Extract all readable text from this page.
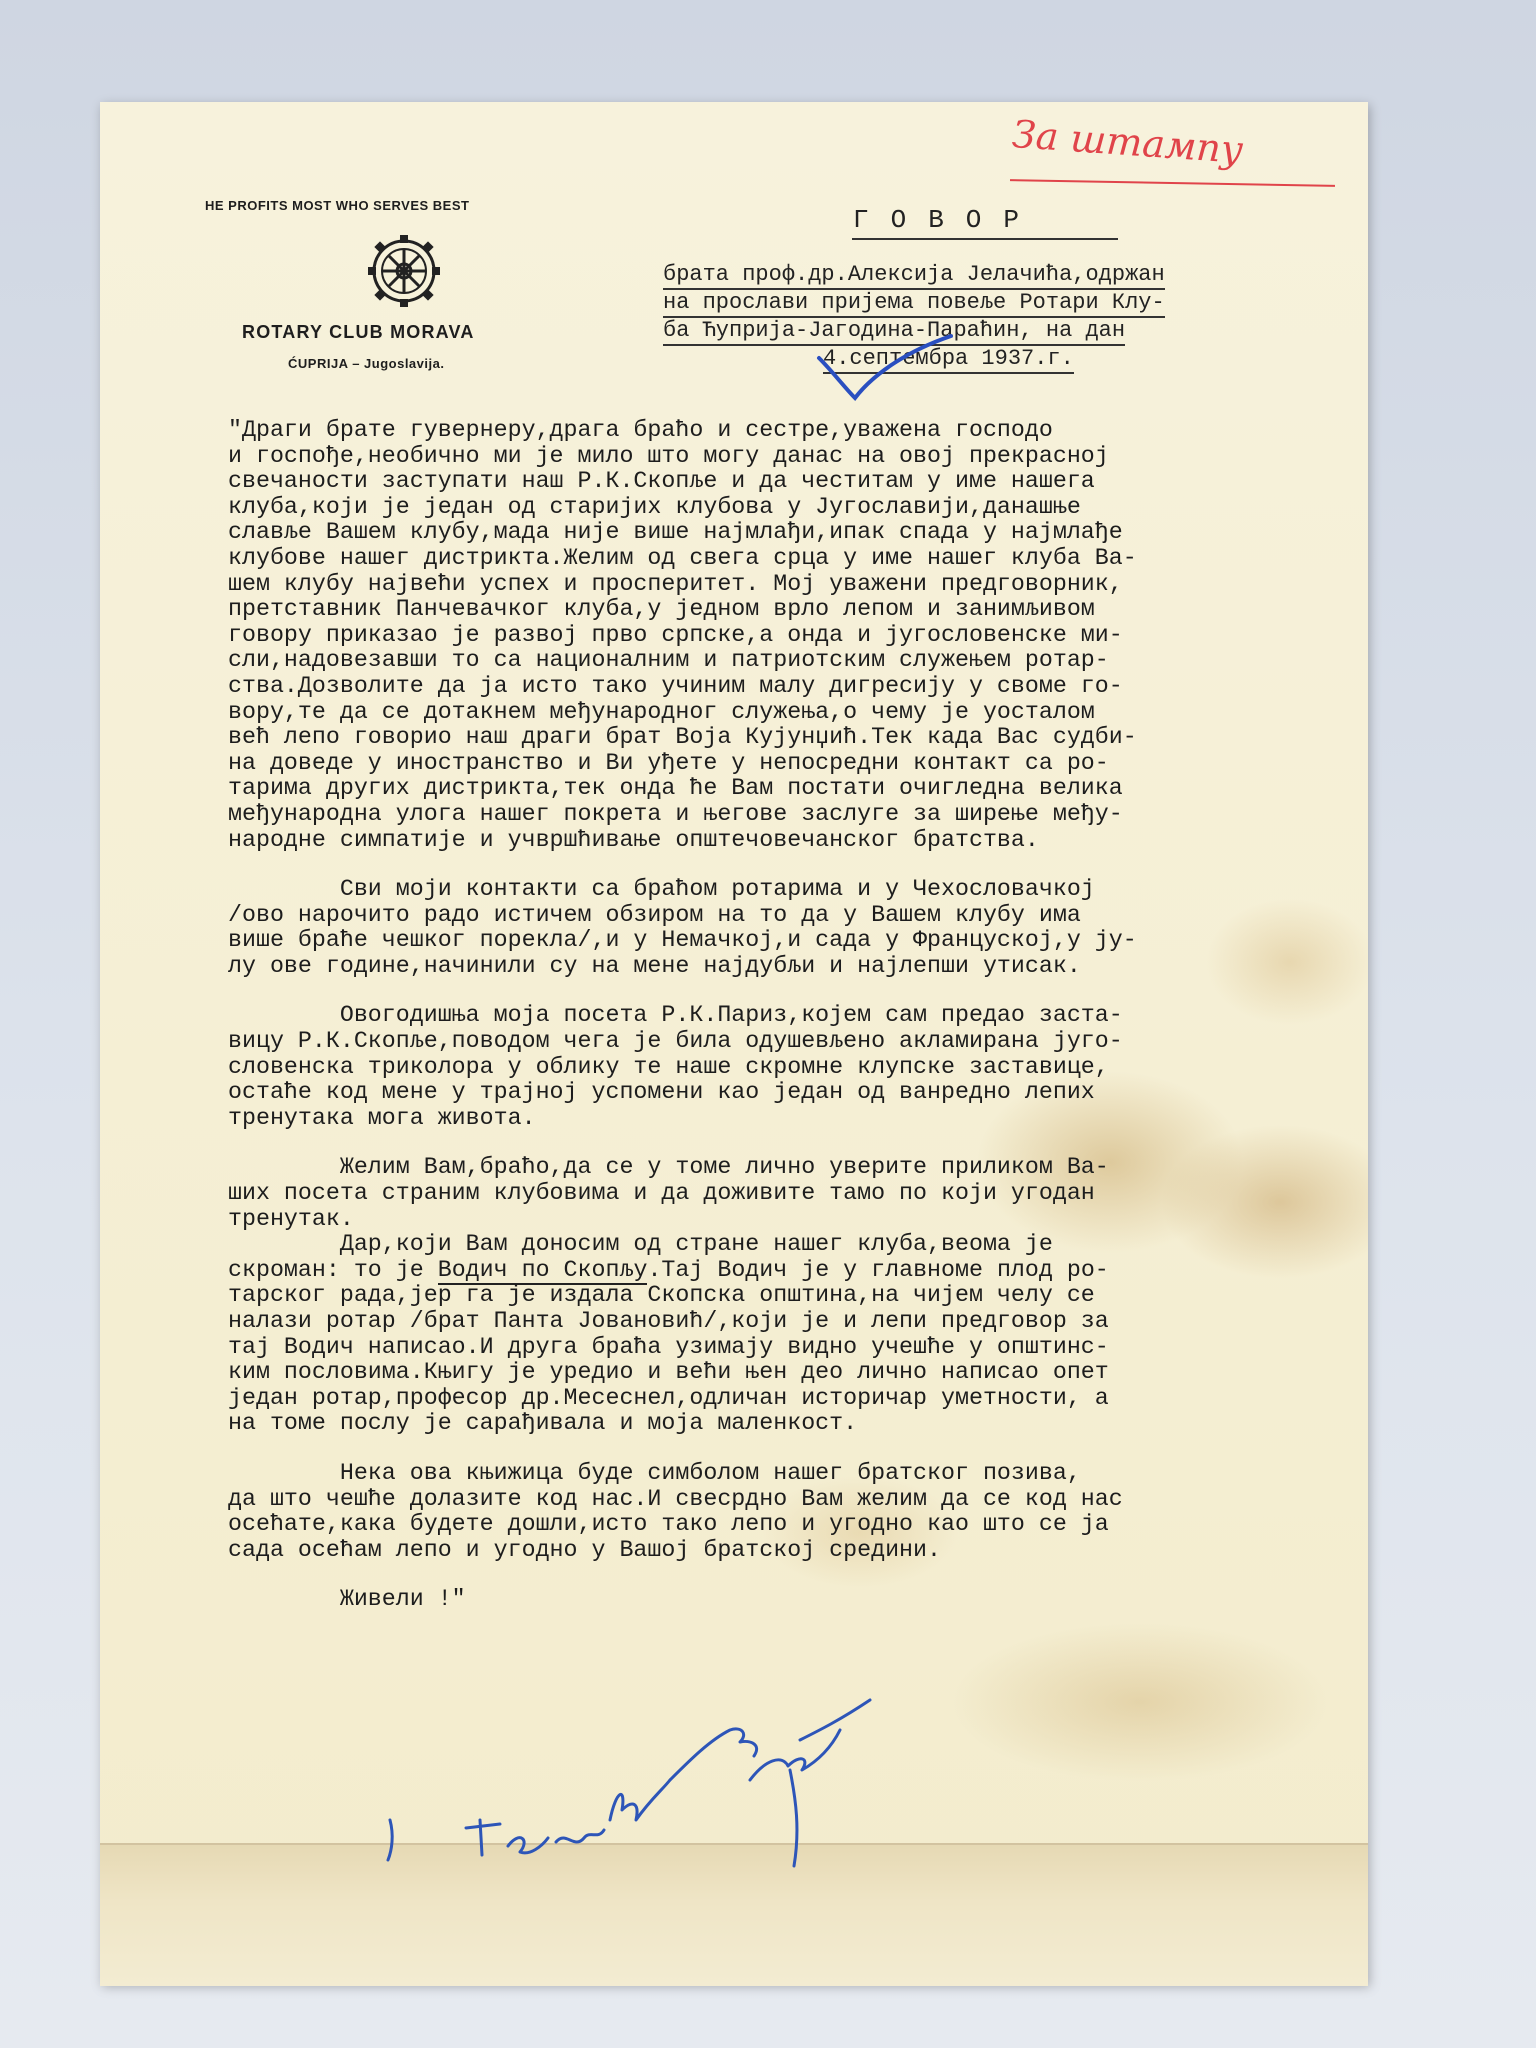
HE PROFITS MOST WHO SERVES BEST
ROTARY CLUB MORAVA
ĆUPRIJA – Jugoslavija.
За штампу
ГОВОР
брата проф.др.Алексија Јелачића,одржан
на прослави пријема повеље Ротари Клу-
ба Ћуприја-Јагодина-Параћин, на дан
4.септембра 1937.г.

"Драги брате гувернеру,драга браћо и сестре,уважена господо
и госпође,необично ми је мило што могу данас на овој прекрасној
свечаности заступати наш Р.К.Скопље и да честитам у име нашега
клуба,који је један од старијих клубова у Југославији,данашње
славље Вашем клубу,мада није више најмлађи,ипак спада у најмлађе
клубове нашег дистрикта.Желим од свега срца у име нашег клуба Ва-
шем клубу највећи успех и просперитет. Мој уважени предговорник,
претставник Панчевачког клуба,у једном врло лепом и занимљивом
говору приказао је развој прво српске,а онда и југословенске ми-
сли,надовезавши то са националним и патриотским служењем ротар-
ства.Дозволите да ја исто тако учиним малу дигресију у своме го-
вору,те да се дотакнем међународног служења,о чему је уосталом
већ лепо говорио наш драги брат Воја Кујунџић.Тек када Вас судби-
на доведе у иностранство и Ви уђете у непосредни контакт са ро-
тарима других дистрикта,тек онда ће Вам постати очигледна велика
међународна улога нашег покрета и његове заслуге за ширење међу-
народне симпатије и учвршћивање општечовечанског братства.

Сви моји контакти са браћом ротарима и у Чехословачкој
/ово нарочито радо истичем обзиром на то да у Вашем клубу има
више браће чешког порекла/,и у Немачкој,и сада у Француској,у ју-
лу ове године,начинили су на мене најдубљи и најлепши утисак.

Овогодишња моја посета Р.К.Париз,којем сам предао заста-
вицу Р.К.Скопље,поводом чега је била одушевљено акламирана југо-
словенска триколора у облику те наше скромне клупске заставице,
остаће код мене у трајној успомени као један од ванредно лепих
тренутака мога живота.

Желим Вам,браћо,да се у томе лично уверите приликом Ва-
ших посета страним клубовима и да доживите тамо по који угодан
тренутак.

Дар,који Вам доносим од стране нашег клуба,веома је
скроман: то је Водич по Скопљу.Тај Водич је у главноме плод ро-
тарског рада,јер га је издала Скопска општина,на чијем челу се
налази ротар /брат Панта Јовановић/,који је и лепи предговор за
тај Водич написао.И друга браћа узимају видно учешће у општинс-
ким пословима.Књигу је уредио и већи њен део лично написао опет
један ротар,професор др.Месеснел,одличан историчар уметности, а
на томе послу је сарађивала и моја маленкост.

Нека ова књижица буде симболом нашег братског позива,
да што чешће долазите код нас.И свесрдно Вам желим да се код нас
осећате,кака будете дошли,исто тако лепо и угодно као што се ја
сада осећам лепо и угодно у Вашој братској средини.

Живели !"
